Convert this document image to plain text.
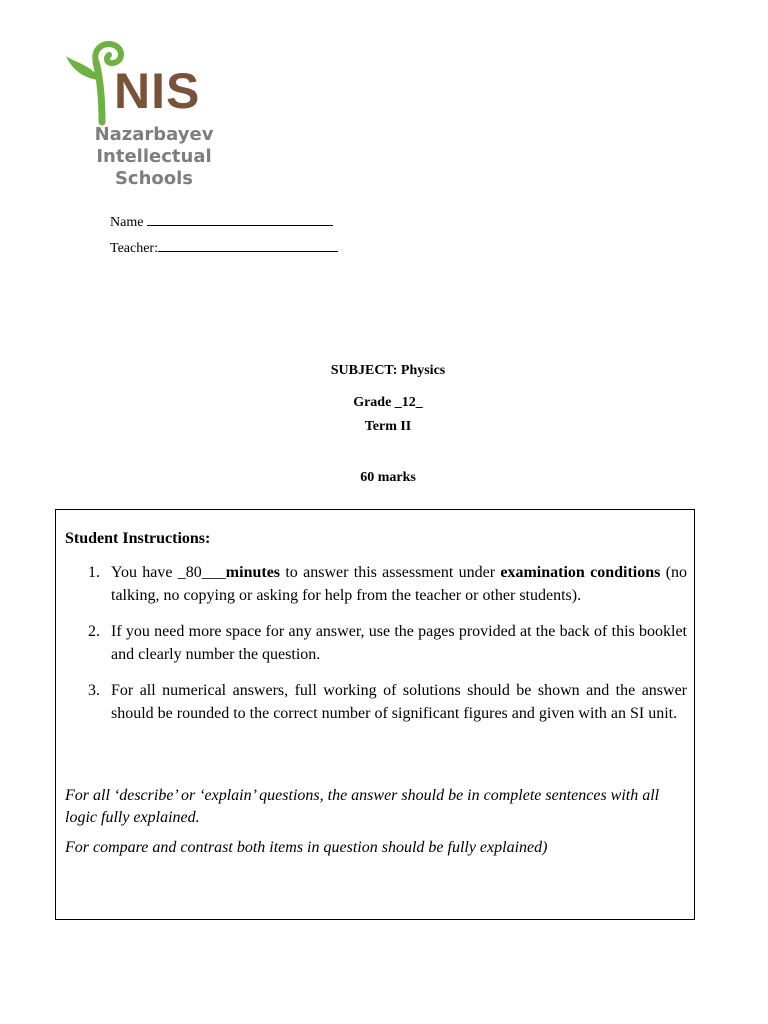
NIS
Nazarbayev
Intellectual
Schools
Name
Teacher:
SUBJECT: Physics
Grade _12_
Term II
60 marks
Student Instructions:
1. You have _80___minutes to answer this assessment under examination conditions (no talking, no copying or asking for help from the teacher or other students).
2. If you need more space for any answer, use the pages provided at the back of this booklet and clearly number the question.
3. For all numerical answers, full working of solutions should be shown and the answer should be rounded to the correct number of significant figures and given with an SI unit.
For all ‘describe’ or ‘explain’ questions, the answer should be in complete sentences with all logic fully explained.
For compare and contrast both items in question should be fully explained)
